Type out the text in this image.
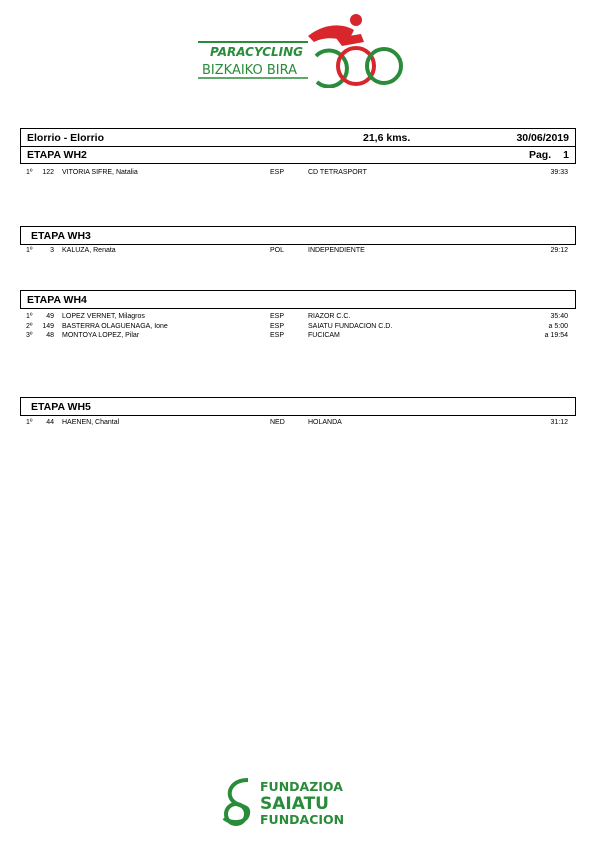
PARACYCLING
BIZKAIKO BIRA
Elorrio - Elorrio	21,6 kms.	30/06/2019
ETAPA WH2	Pag. 1
1º	122 VITORIA SIFRE, Natalia	ESP	CD TETRASPORT	39:33
ETAPA WH3
1º	3 KALUZA, Renata	POL	INDEPENDIENTE	29:12
ETAPA WH4
1º	49 LOPEZ VERNET, Milagros	ESP	RIAZOR C.C.	35:40
2º	149 BASTERRA OLAGUENAGA, Ione	ESP	SAIATU FUNDACION C.D.	a 5:00
3º	48 MONTOYA LOPEZ, Pilar	ESP	FUCICAM	a 19:54
ETAPA WH5
1º	44 HAENEN, Chantal	NED	HOLANDA	31:12
FUNDAZIOA
SAIATU
FUNDACION
